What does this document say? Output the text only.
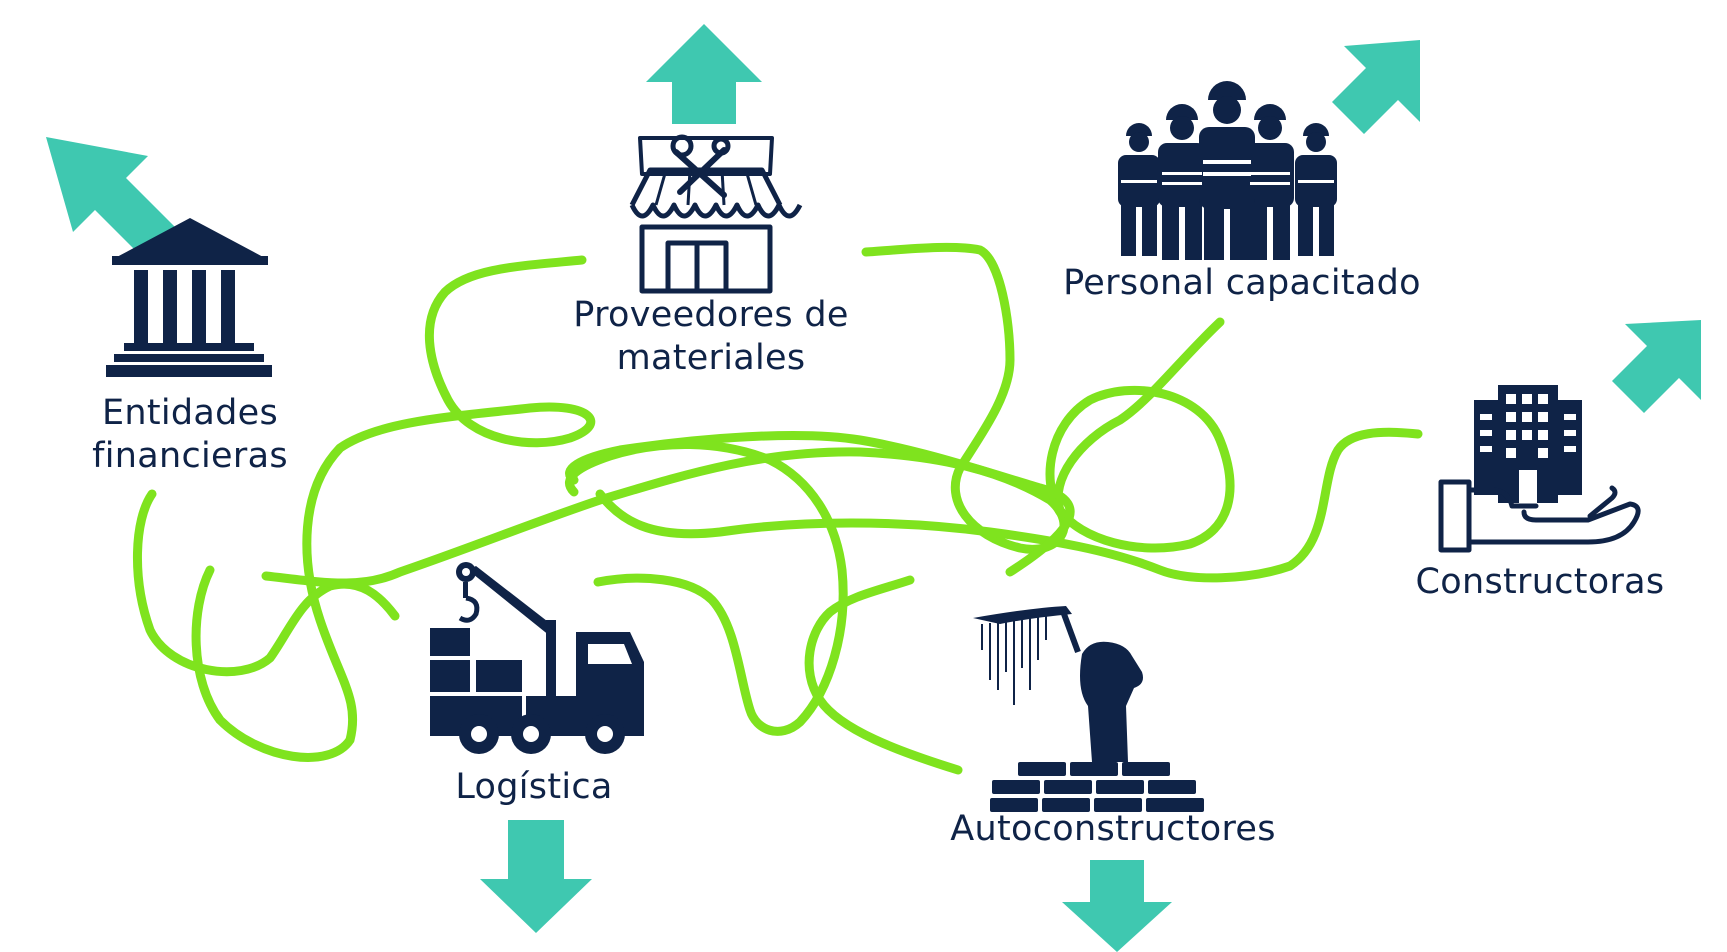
Entidades
financieras
Proveedores de
materiales
Personal capacitado
Constructoras
Logística
Autoconstructores
